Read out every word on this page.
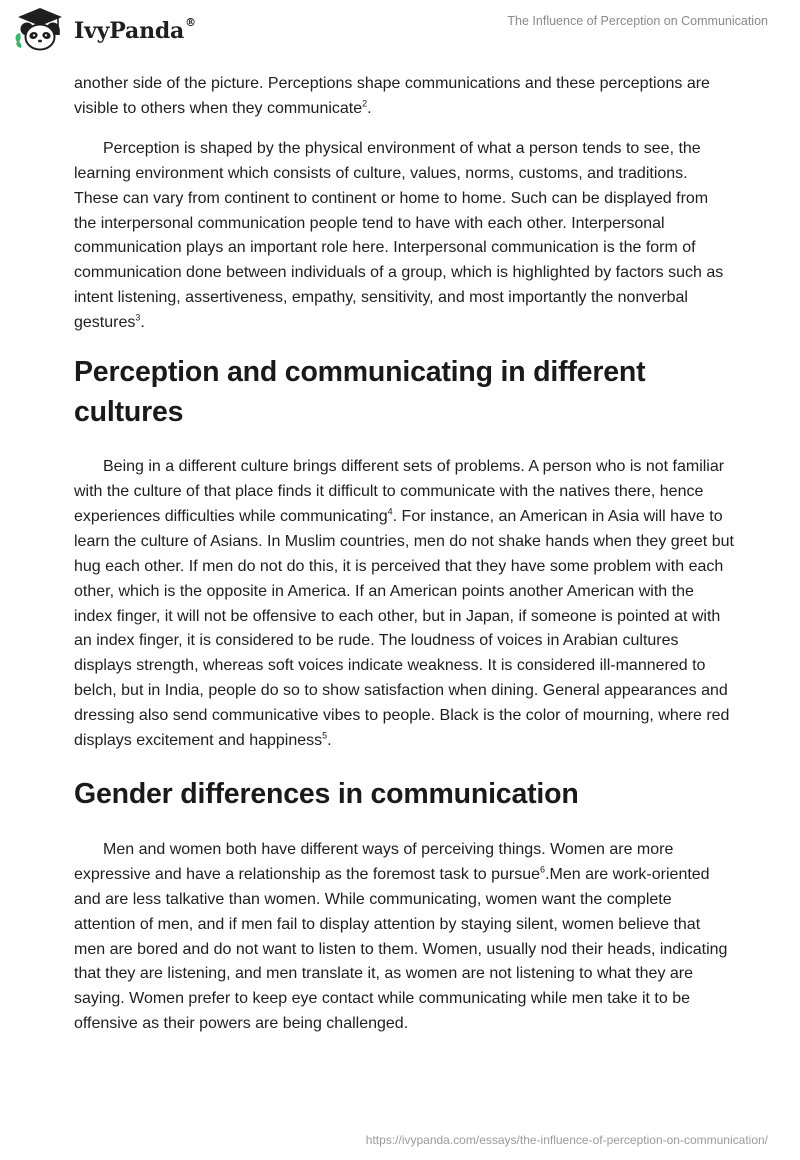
IvyPanda®	The Influence of Perception on Communication

another side of the picture. Perceptions shape communications and these perceptions are visible to others when they communicate$^2$.

Perception is shaped by the physical environment of what a person tends to see, the learning environment which consists of culture, values, norms, customs, and traditions. These can vary from continent to continent or home to home. Such can be displayed from the interpersonal communication people tend to have with each other. Interpersonal communication plays an important role here. Interpersonal communication is the form of communication done between individuals of a group, which is highlighted by factors such as intent listening, assertiveness, empathy, sensitivity, and most importantly the nonverbal gestures$^3$.

Perception and communicating in different cultures

Being in a different culture brings different sets of problems. A person who is not familiar with the culture of that place finds it difficult to communicate with the natives there, hence experiences difficulties while communicating$^4$. For instance, an American in Asia will have to learn the culture of Asians. In Muslim countries, men do not shake hands when they greet but hug each other. If men do not do this, it is perceived that they have some problem with each other, which is the opposite in America. If an American points another American with the index finger, it will not be offensive to each other, but in Japan, if someone is pointed at with an index finger, it is considered to be rude. The loudness of voices in Arabian cultures displays strength, whereas soft voices indicate weakness. It is considered ill-mannered to belch, but in India, people do so to show satisfaction when dining. General appearances and dressing also send communicative vibes to people. Black is the color of mourning, where red displays excitement and happiness$^5$.

Gender differences in communication

Men and women both have different ways of perceiving things. Women are more expressive and have a relationship as the foremost task to pursue$^6$.Men are work-oriented and are less talkative than women. While communicating, women want the complete attention of men, and if men fail to display attention by staying silent, women believe that men are bored and do not want to listen to them. Women, usually nod their heads, indicating that they are listening, and men translate it, as women are not listening to what they are saying. Women prefer to keep eye contact while communicating while men take it to be offensive as their powers are being challenged.

https://ivypanda.com/essays/the-influence-of-perception-on-communication/
